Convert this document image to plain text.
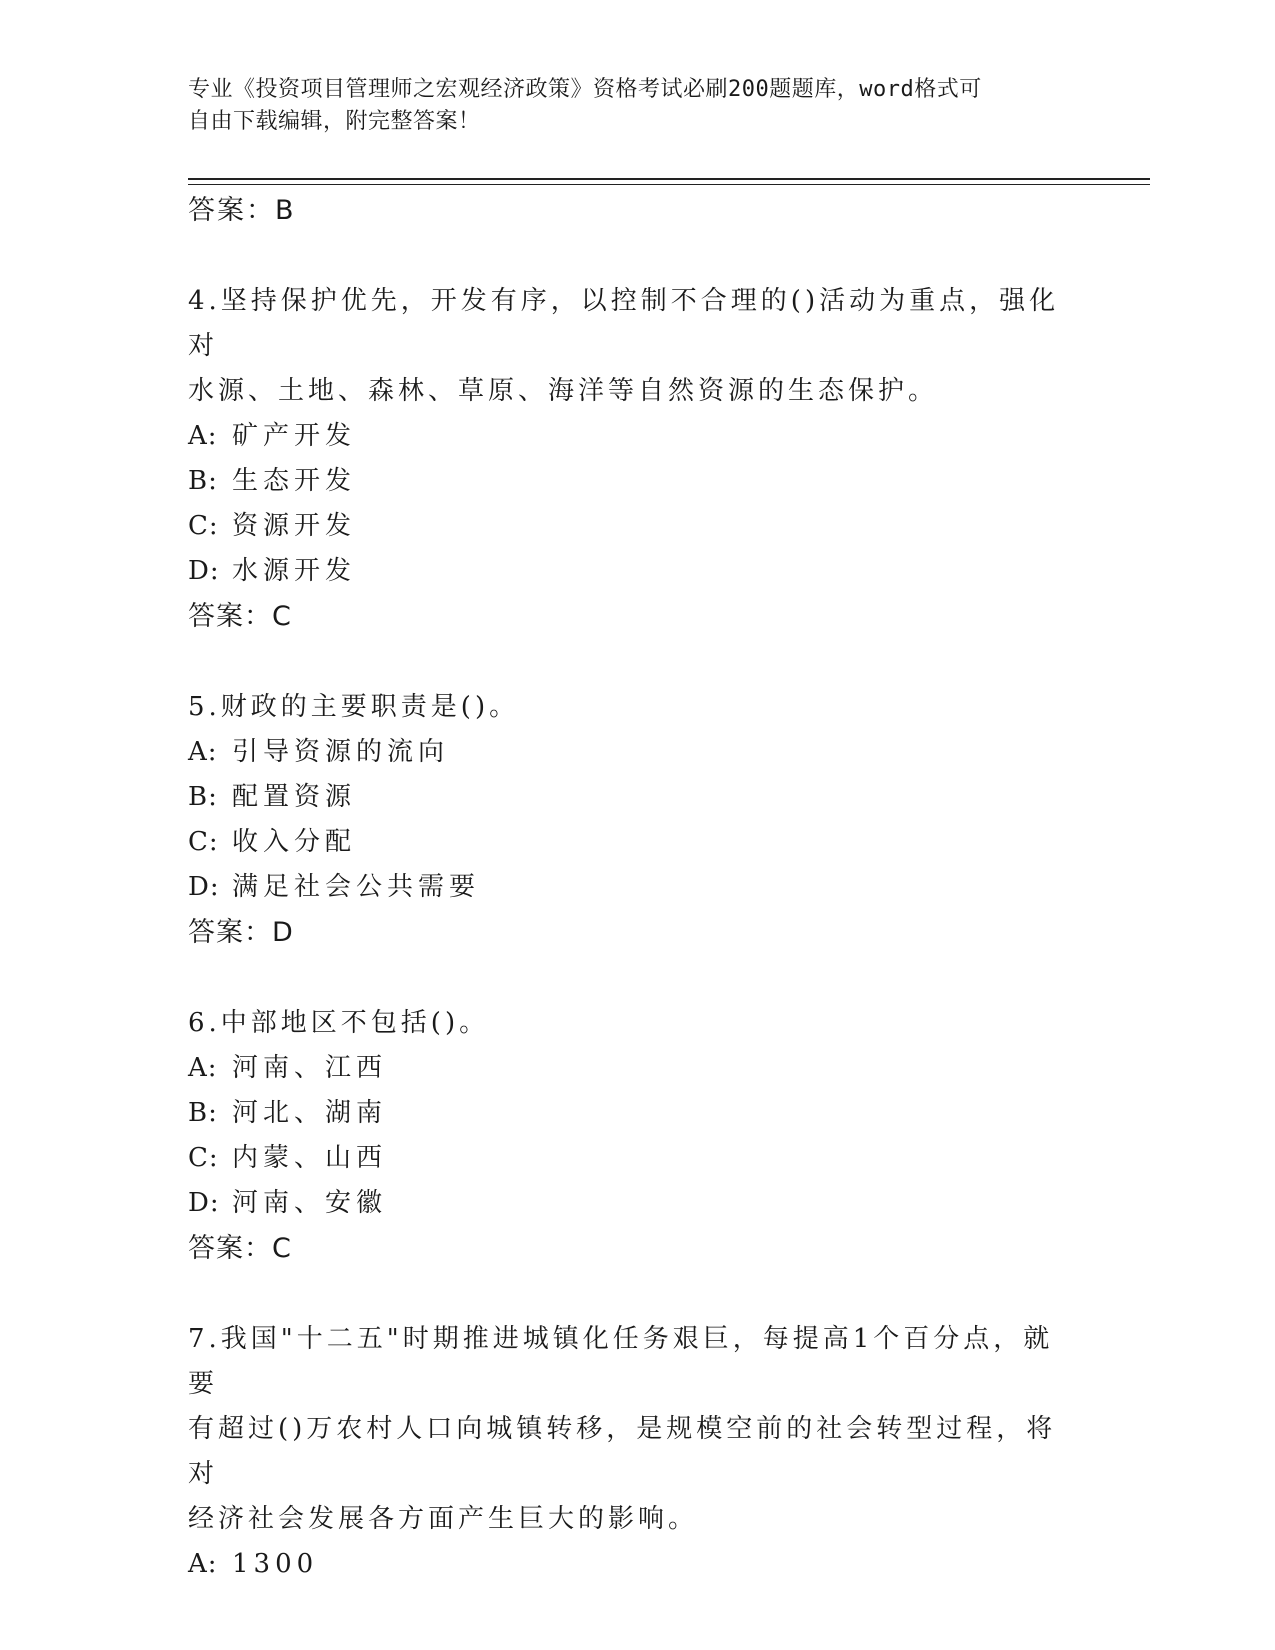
专业《投资项目管理师之宏观经济政策》资格考试必刷200题题库，word格式可
自由下载编辑，附完整答案！
答案：B
4.坚持保护优先，开发有序，以控制不合理的()活动为重点，强化对
水源、土地、森林、草原、海洋等自然资源的生态保护。
A: 矿产开发
B: 生态开发
C: 资源开发
D: 水源开发
答案：C
5.财政的主要职责是()。
A: 引导资源的流向
B: 配置资源
C: 收入分配
D: 满足社会公共需要
答案：D
6.中部地区不包括()。
A: 河南、江西
B: 河北、湖南
C: 内蒙、山西
D: 河南、安徽
答案：C
7.我国"十二五"时期推进城镇化任务艰巨，每提高1个百分点，就要
有超过()万农村人口向城镇转移，是规模空前的社会转型过程，将对
经济社会发展各方面产生巨大的影响。
A: 1300
